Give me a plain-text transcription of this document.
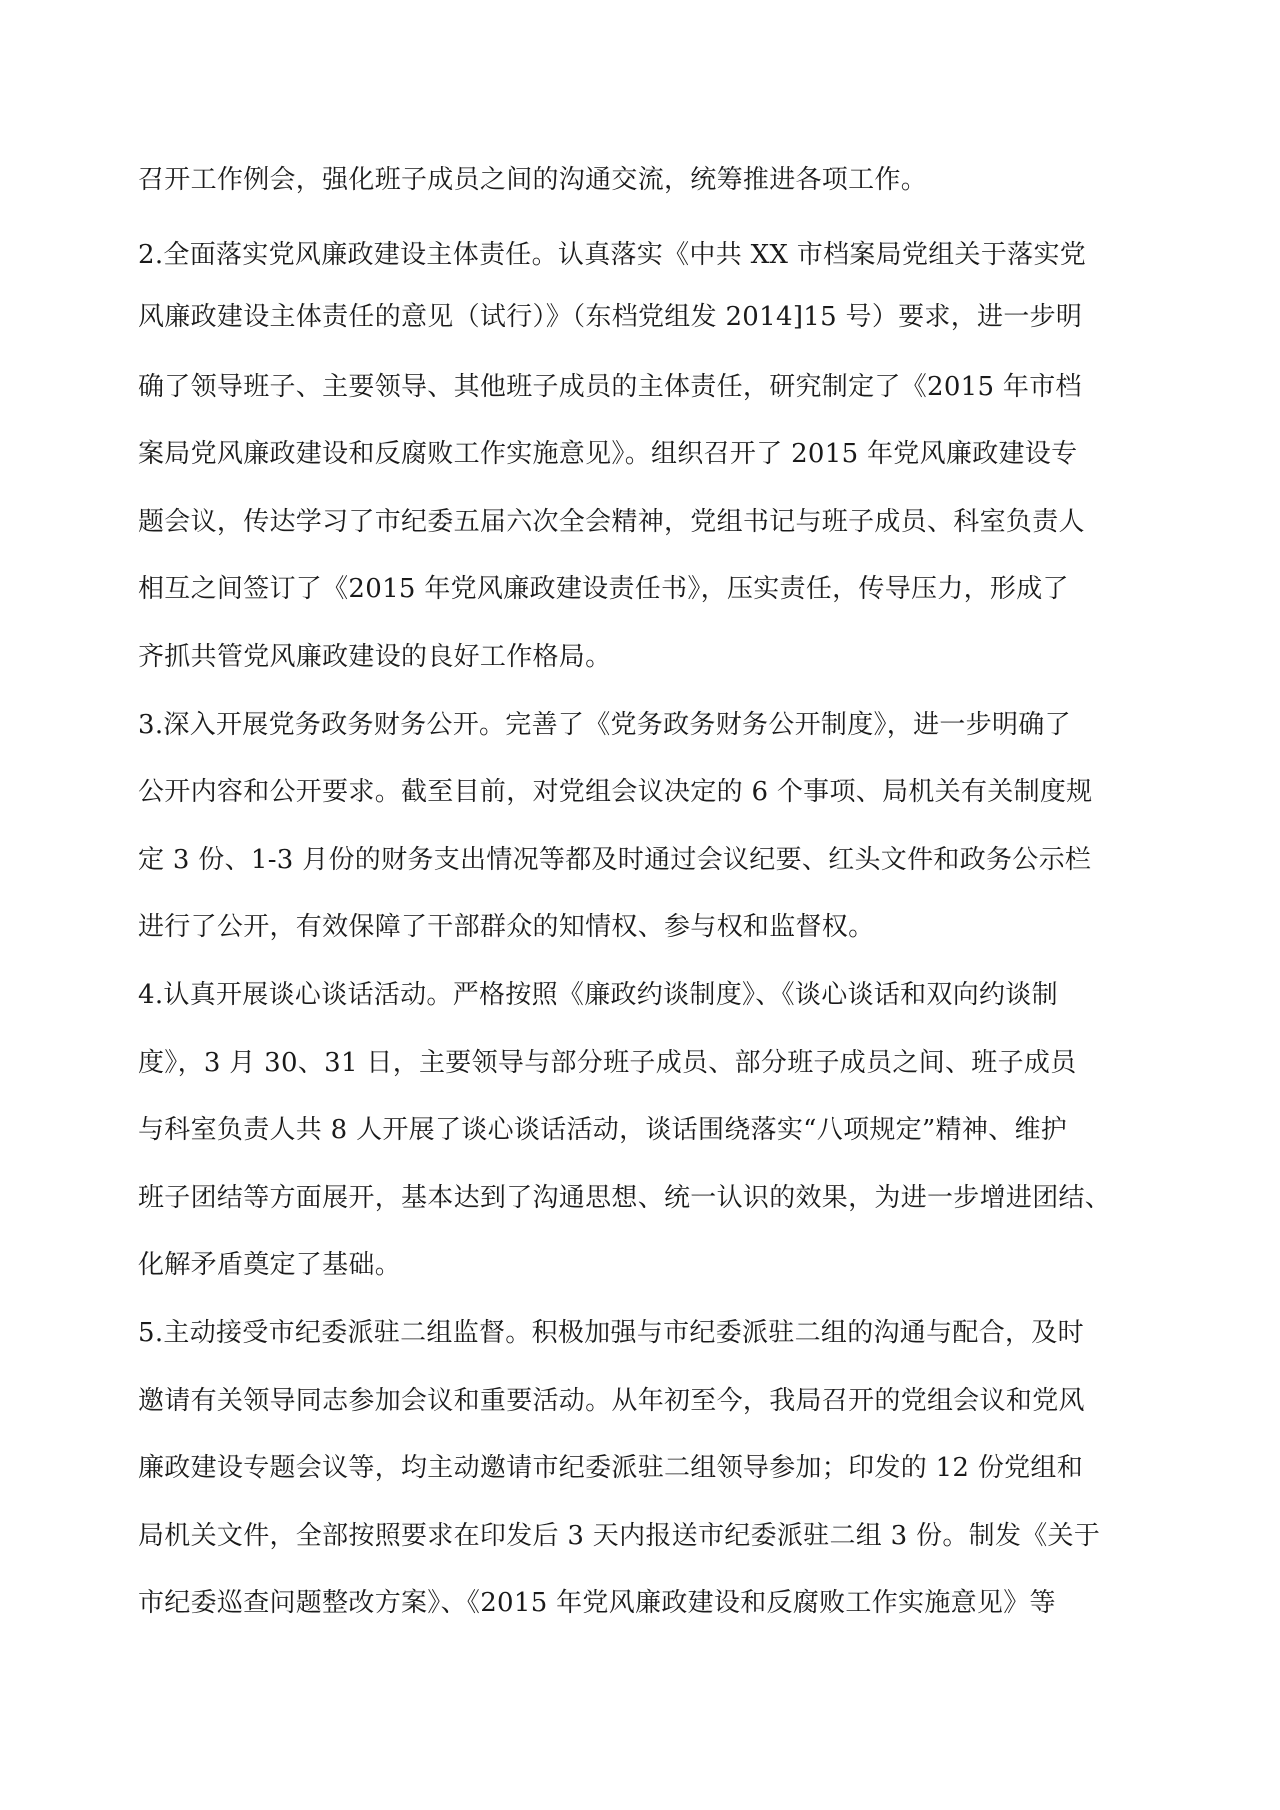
召开工作例会，强化班子成员之间的沟通交流，统筹推进各项工作。
2.全面落实党风廉政建设主体责任。认真落实《中共 XX 市档案局党组关于落实党
风廉政建设主体责任的意见（试行）》（东档党组发 2014]15 号）要求，进一步明
确了领导班子、主要领导、其他班子成员的主体责任，研究制定了《2015 年市档
案局党风廉政建设和反腐败工作实施意见》。组织召开了 2015 年党风廉政建设专
题会议，传达学习了市纪委五届六次全会精神，党组书记与班子成员、科室负责人
相互之间签订了《2015 年党风廉政建设责任书》，压实责任，传导压力，形成了
齐抓共管党风廉政建设的良好工作格局。
3.深入开展党务政务财务公开。完善了《党务政务财务公开制度》，进一步明确了
公开内容和公开要求。截至目前，对党组会议决定的 6 个事项、局机关有关制度规
定 3 份、1-3 月份的财务支出情况等都及时通过会议纪要、红头文件和政务公示栏
进行了公开，有效保障了干部群众的知情权、参与权和监督权。
4.认真开展谈心谈话活动。严格按照《廉政约谈制度》、《谈心谈话和双向约谈制
度》，3 月 30、31 日，主要领导与部分班子成员、部分班子成员之间、班子成员
与科室负责人共 8 人开展了谈心谈话活动，谈话围绕落实“八项规定”精神、维护
班子团结等方面展开，基本达到了沟通思想、统一认识的效果，为进一步增进团结、
化解矛盾奠定了基础。
5.主动接受市纪委派驻二组监督。积极加强与市纪委派驻二组的沟通与配合，及时
邀请有关领导同志参加会议和重要活动。从年初至今，我局召开的党组会议和党风
廉政建设专题会议等，均主动邀请市纪委派驻二组领导参加；印发的 12 份党组和
局机关文件，全部按照要求在印发后 3 天内报送市纪委派驻二组 3 份。制发《关于
市纪委巡查问题整改方案》、《2015 年党风廉政建设和反腐败工作实施意见》等
